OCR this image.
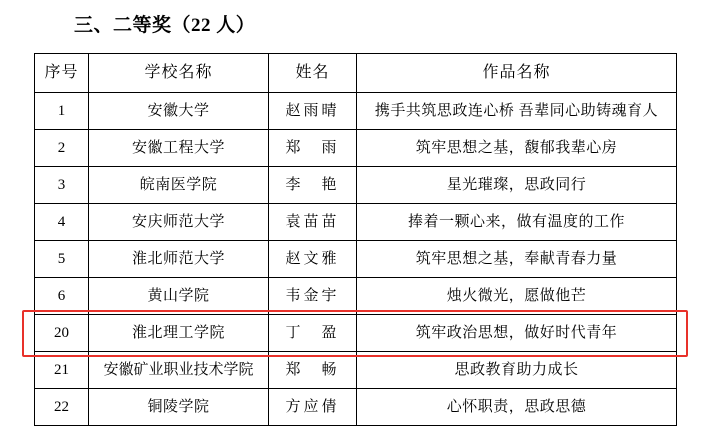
三、二等奖（22 人）
序号	学校名称	姓名	作品名称
1	安徽大学	赵雨晴	携手共筑思政连心桥 吾辈同心助铸魂育人
2	安徽工程大学	郑　雨	筑牢思想之基，馥郁我辈心房
3	皖南医学院	李　艳	星光璀璨，思政同行
4	安庆师范大学	袁苗苗	捧着一颗心来，做有温度的工作
5	淮北师范大学	赵文雅	筑牢思想之基，奉献青春力量
6	黄山学院	韦金宇	烛火微光，愿做他芒
20	淮北理工学院	丁　盈	筑牢政治思想，做好时代青年
21	安徽矿业职业技术学院	郑　畅	思政教育助力成长
22	铜陵学院	方应倩	心怀职责，思政思德
